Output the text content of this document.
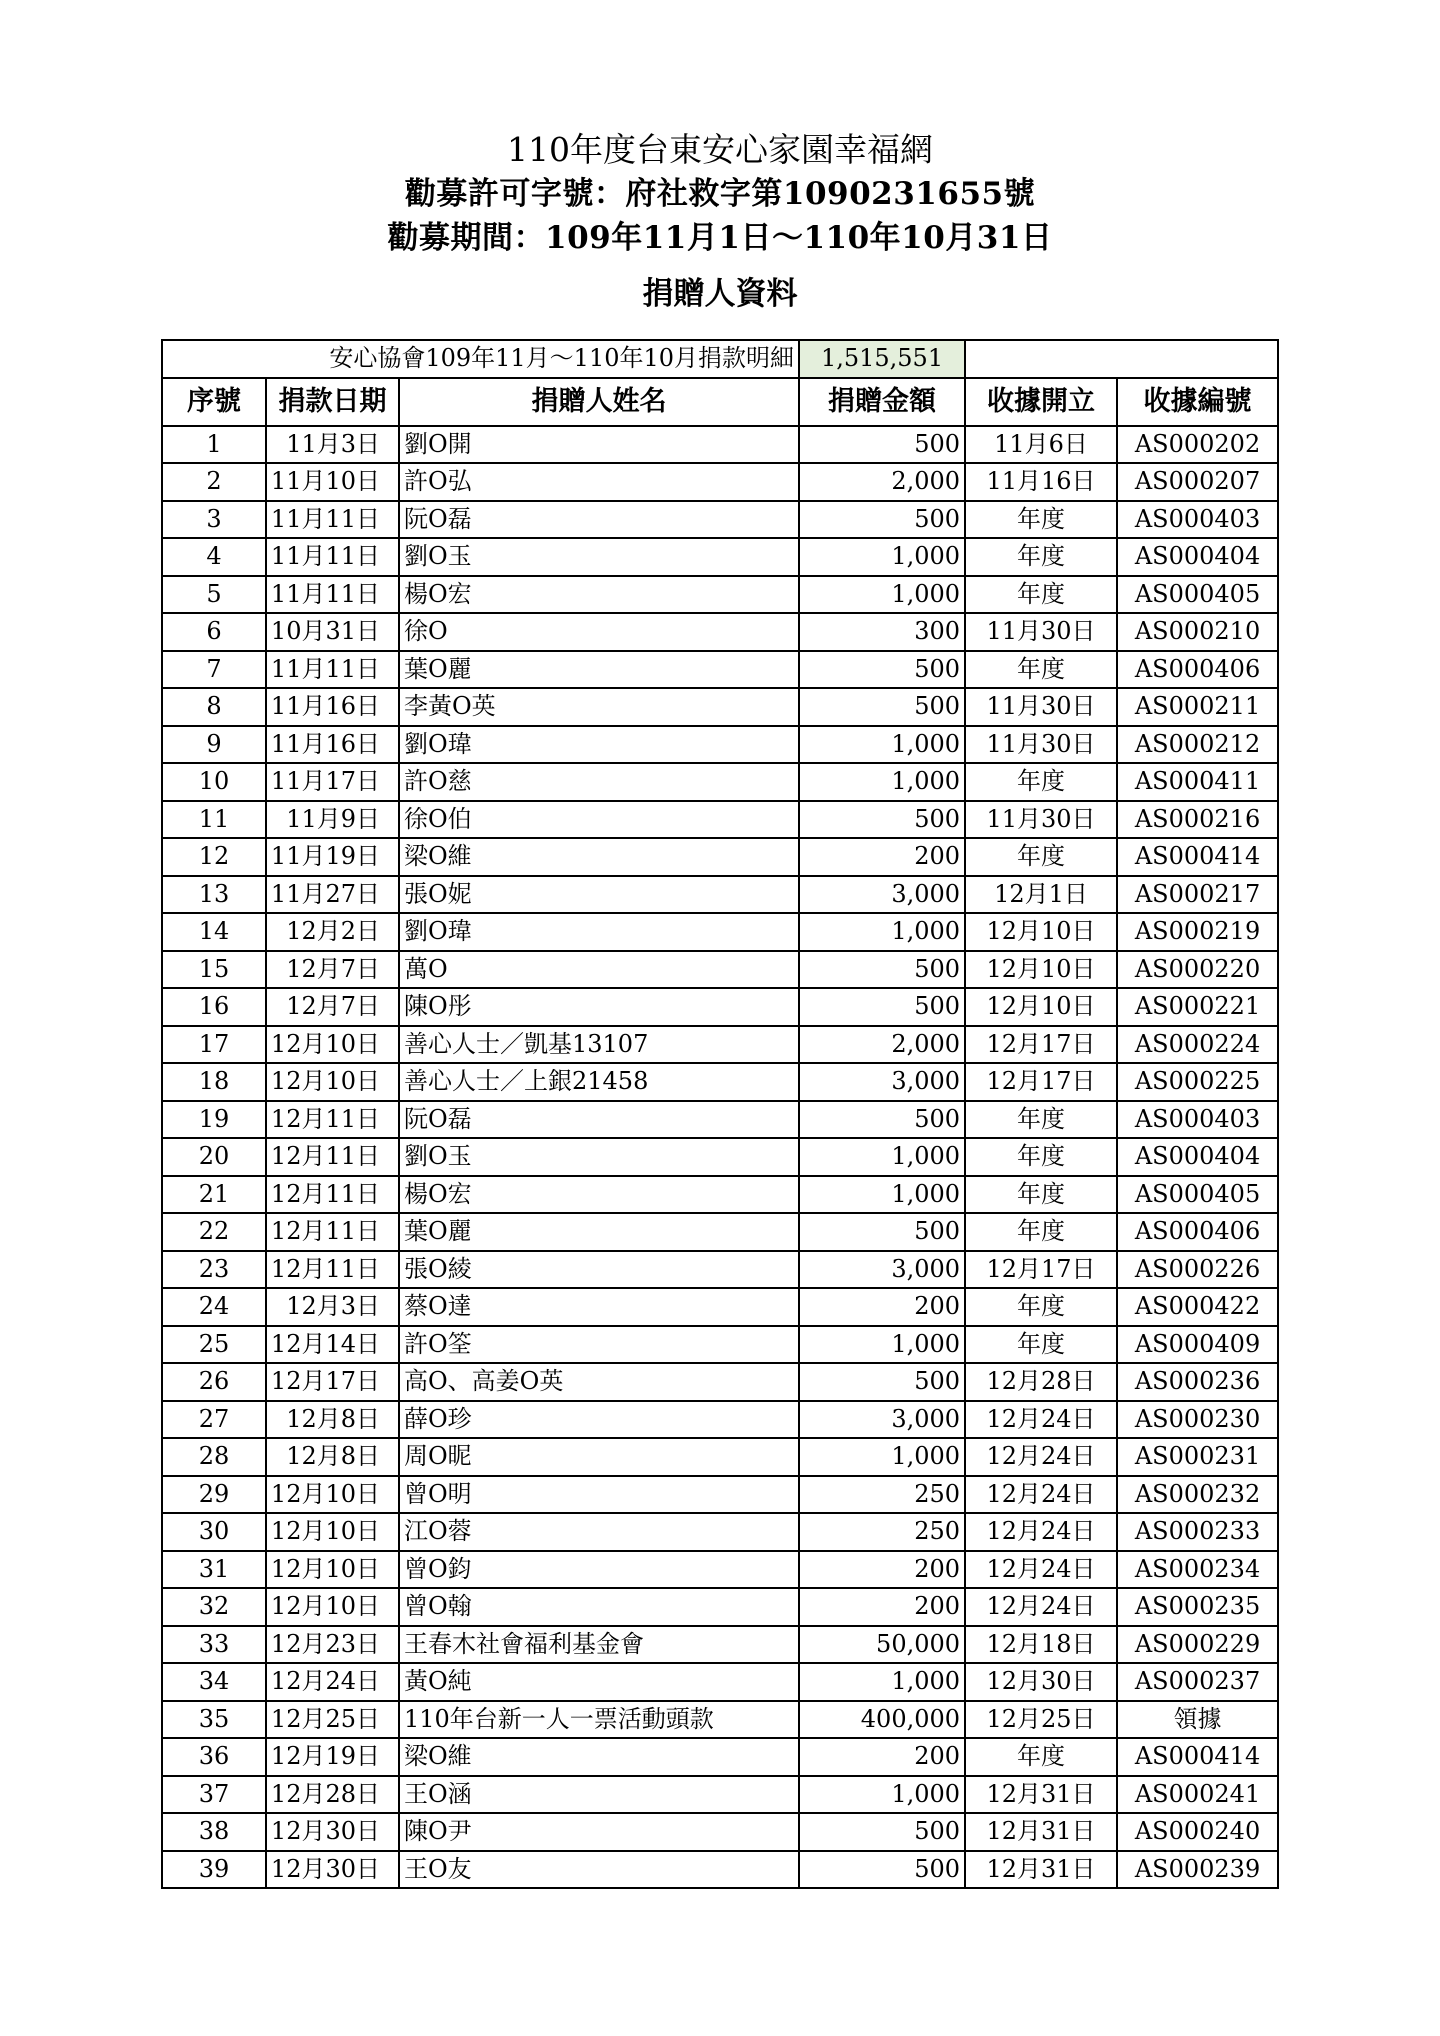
110年度台東安心家園幸福網

勸募許可字號：府社救字第1090231655號

勸募期間：109年11月1日～110年10月31日

捐贈人資料

安心協會109年11月～110年10月捐款明細			1,515,551		
序號	捐款日期	捐贈人姓名	捐贈金額	收據開立	收據編號
1	11月3日	劉O開	500	11月6日	AS000202
2	11月10日	許O弘	2,000	11月16日	AS000207
3	11月11日	阮O磊	500	年度	AS000403
4	11月11日	劉O玉	1,000	年度	AS000404
5	11月11日	楊O宏	1,000	年度	AS000405
6	10月31日	徐O	300	11月30日	AS000210
7	11月11日	葉O麗	500	年度	AS000406
8	11月16日	李黃O英	500	11月30日	AS000211
9	11月16日	劉O瑋	1,000	11月30日	AS000212
10	11月17日	許O慈	1,000	年度	AS000411
11	11月9日	徐O伯	500	11月30日	AS000216
12	11月19日	梁O維	200	年度	AS000414
13	11月27日	張O妮	3,000	12月1日	AS000217
14	12月2日	劉O瑋	1,000	12月10日	AS000219
15	12月7日	萬O	500	12月10日	AS000220
16	12月7日	陳O彤	500	12月10日	AS000221
17	12月10日	善心人士／凱基13107	2,000	12月17日	AS000224
18	12月10日	善心人士／上銀21458	3,000	12月17日	AS000225
19	12月11日	阮O磊	500	年度	AS000403
20	12月11日	劉O玉	1,000	年度	AS000404
21	12月11日	楊O宏	1,000	年度	AS000405
22	12月11日	葉O麗	500	年度	AS000406
23	12月11日	張O綾	3,000	12月17日	AS000226
24	12月3日	蔡O達	200	年度	AS000422
25	12月14日	許O筌	1,000	年度	AS000409
26	12月17日	高O、高姜O英	500	12月28日	AS000236
27	12月8日	薛O珍	3,000	12月24日	AS000230
28	12月8日	周O昵	1,000	12月24日	AS000231
29	12月10日	曾O明	250	12月24日	AS000232
30	12月10日	江O蓉	250	12月24日	AS000233
31	12月10日	曾O鈞	200	12月24日	AS000234
32	12月10日	曾O翰	200	12月24日	AS000235
33	12月23日	王春木社會福利基金會	50,000	12月18日	AS000229
34	12月24日	黃O純	1,000	12月30日	AS000237
35	12月25日	110年台新一人一票活動頭款	400,000	12月25日	領據
36	12月19日	梁O維	200	年度	AS000414
37	12月28日	王O涵	1,000	12月31日	AS000241
38	12月30日	陳O尹	500	12月31日	AS000240
39	12月30日	王O友	500	12月31日	AS000239
